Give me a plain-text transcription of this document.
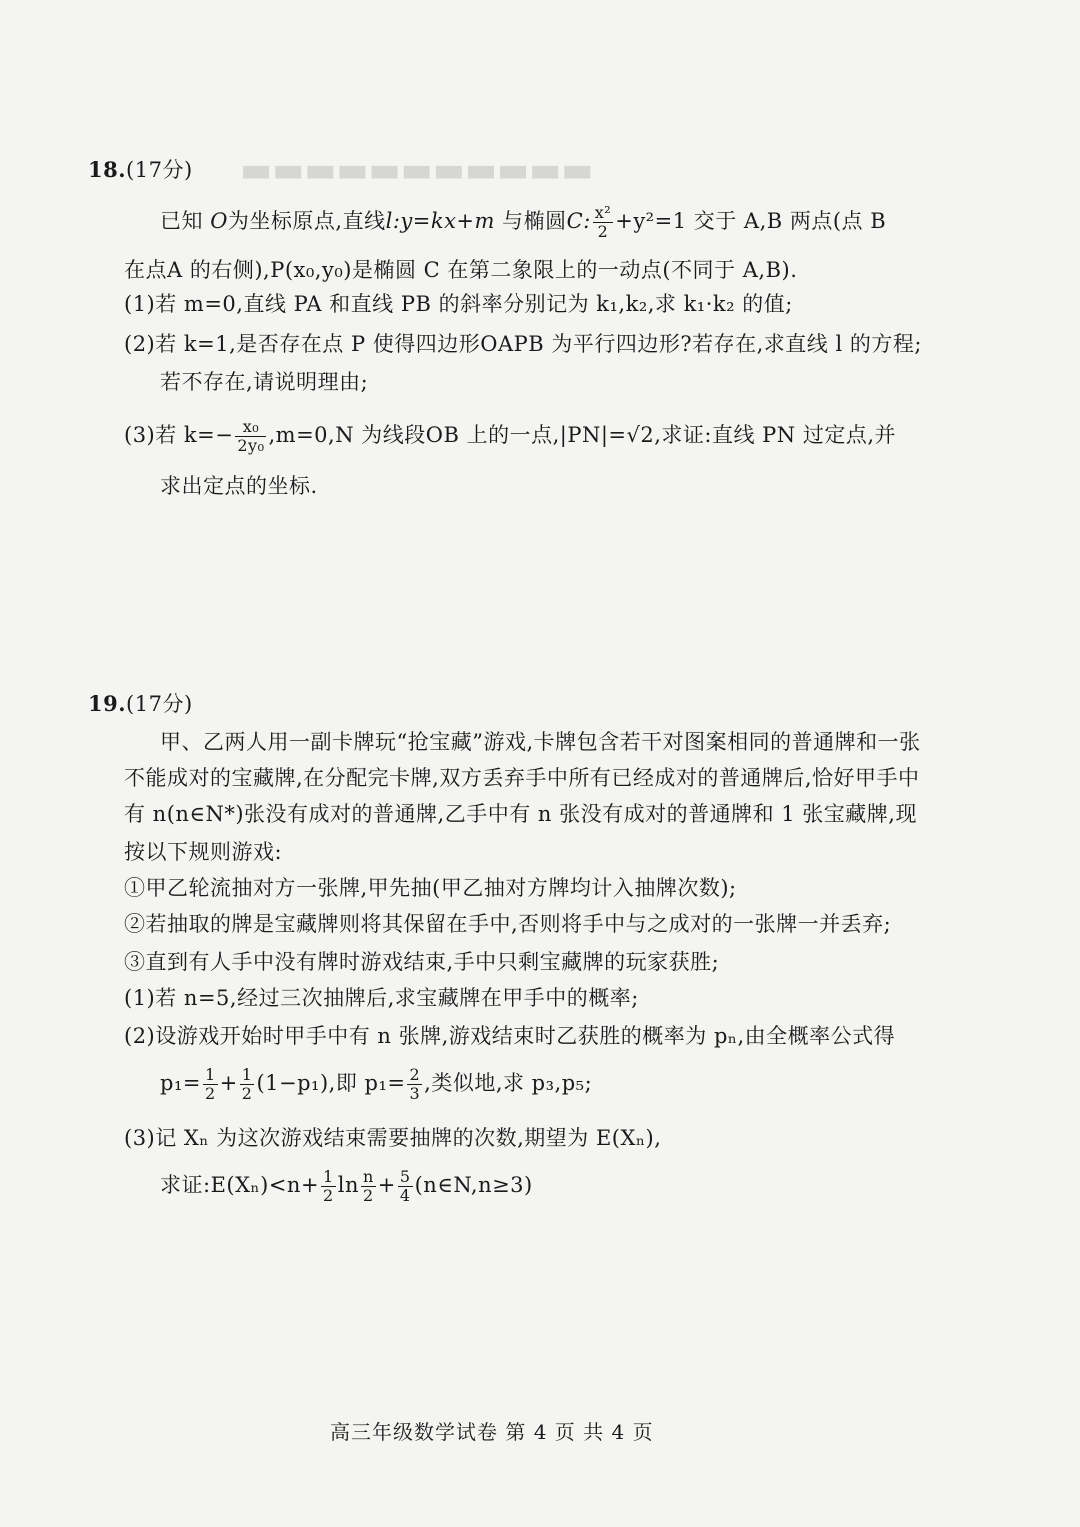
▬▬▬▬▬▬▬▬▬▬▬
18.(17分)
已知 O为坐标原点,直线l:y=kx+m 与椭圆C: $\frac{\text{x²}}{2} +y^2=1$ 交于 A,B 两点(点 B
在点A 的右侧),P(x₀,y₀)是椭圆 C 在第二象限上的一动点(不同于 A,B).
(1)若 m=0,直线 PA 和直线 PB 的斜率分别记为 k₁,k₂,求 k₁·k₂ 的值;
(2)若 k=1,是否存在点 P 使得四边形OAPB 为平行四边形?若存在,求直线 l 的方程;
若不存在,请说明理由;
(3)若 $k=- \frac{\text{x₀}}{\text{2y₀}} ,m=0,N$ 为线段OB 上的一点,|PN|=√2,求证:直线 PN 过定点,并
求出定点的坐标.
19.(17分)
甲、乙两人用一副卡牌玩“抢宝藏”游戏,卡牌包含若干对图案相同的普通牌和一张
不能成对的宝藏牌,在分配完卡牌,双方丢弃手中所有已经成对的普通牌后,恰好甲手中
有 n(n∈N*)张没有成对的普通牌,乙手中有 n 张没有成对的普通牌和 1 张宝藏牌,现
按以下规则游戏:
①甲乙轮流抽对方一张牌,甲先抽(甲乙抽对方牌均计入抽牌次数);
②若抽取的牌是宝藏牌则将其保留在手中,否则将手中与之成对的一张牌一并丢弃;
③直到有人手中没有牌时游戏结束,手中只剩宝藏牌的玩家获胜;
(1)若 n=5,经过三次抽牌后,求宝藏牌在甲手中的概率;
(2)设游戏开始时甲手中有 n 张牌,游戏结束时乙获胜的概率为 pₙ,由全概率公式得
$p_1= \frac{1}{2} + \frac{1}{2} (1-p_1)$,即 $p_1= \frac{2}{3}$ ,类似地,求 p₃,p₅;
(3)记 Xₙ 为这次游戏结束需要抽牌的次数,期望为 E(Xₙ),
求证:E(Xₙ)<n+ $\frac{1}{2}$ $\ln \frac{n}{2} + \frac{5}{4}$ (n∈N,n≥3)
高三年级数学试卷 第 4 页 共 4 页
